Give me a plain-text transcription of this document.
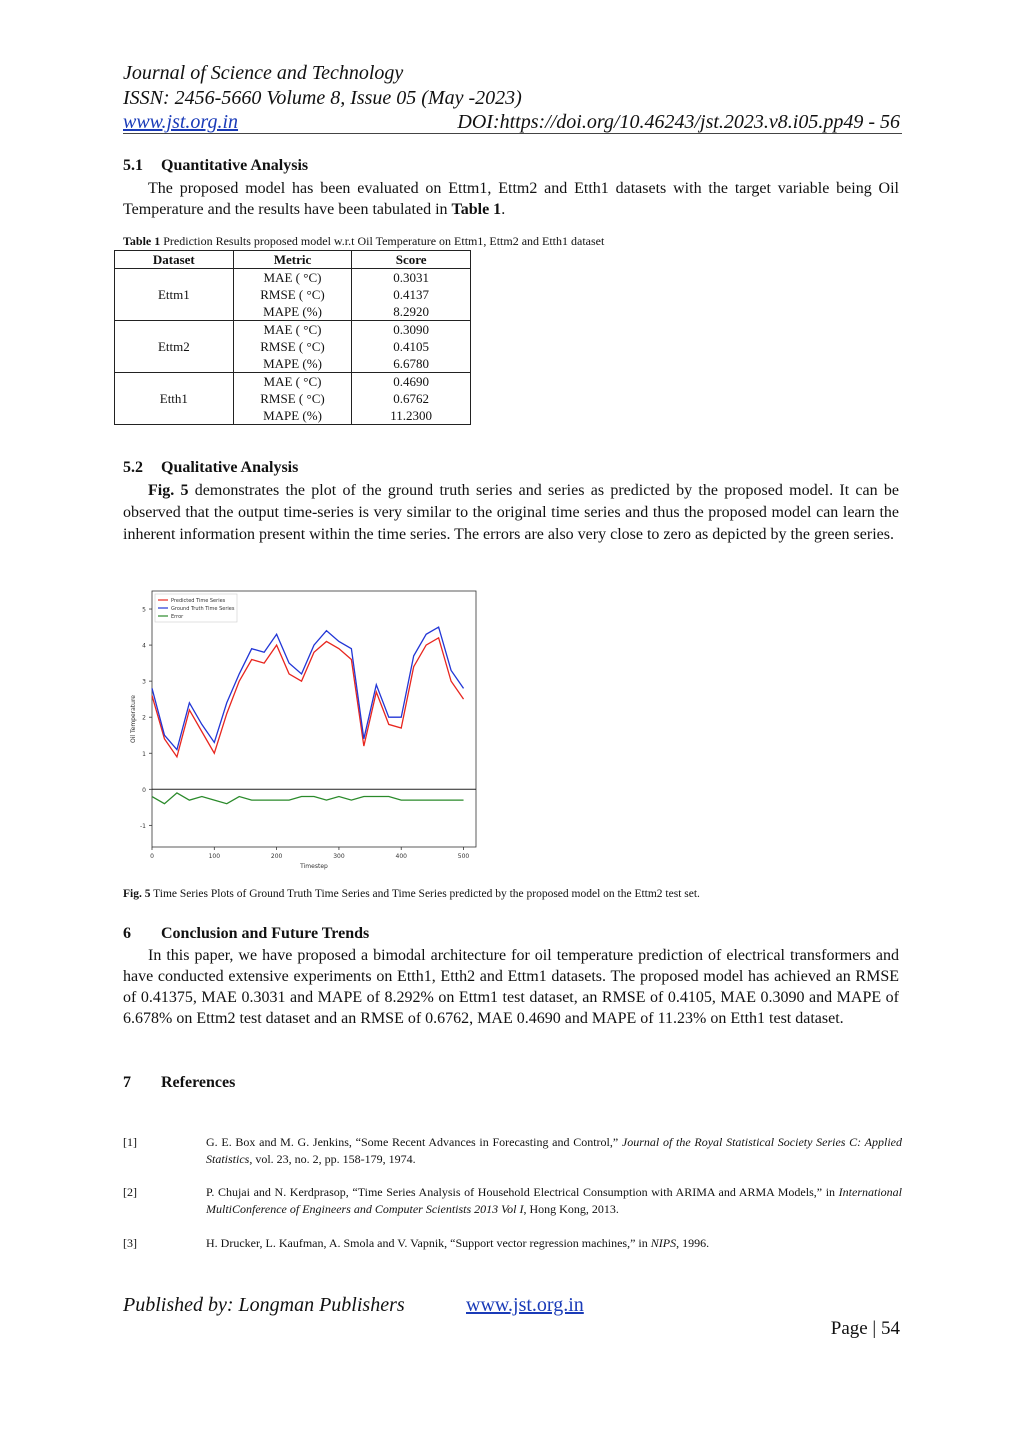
Journal of Science and Technology
ISSN: 2456-5660 Volume 8, Issue 05 (May -2023)
www.jst.org.in	DOI:https://doi.org/10.46243/jst.2023.v8.i05.pp49 - 56
5.1 Quantitative Analysis

The proposed model has been evaluated on Ettm1, Ettm2 and Etth1 datasets with the target variable being Oil Temperature and the results have been tabulated in Table 1.

Table 1 Prediction Results proposed model w.r.t Oil Temperature on Ettm1, Ettm2 and Etth1 dataset
Dataset	Metric	Score
Ettm1	MAE ( °C)	0.3031
	RMSE ( °C)	0.4137
	MAPE (%)	8.2920
Ettm2	MAE ( °C)	0.3090
	RMSE ( °C)	0.4105
	MAPE (%)	6.6780
Etth1	MAE ( °C)	0.4690
	RMSE ( °C)	0.6762
	MAPE (%)	11.2300
5.2 Qualitative Analysis

Fig. 5 demonstrates the plot of the ground truth series and series as predicted by the proposed model. It can be observed that the output time-series is very similar to the original time series and thus the proposed model can learn the inherent information present within the time series. The errors are also very close to zero as depicted by the green series.

-1
0
1
2
3
4
5
0	100	200	300	400	500
Timestep
Oil Temperature
Predicted Time Series
Ground Truth Time Series
Error
Fig. 5 Time Series Plots of Ground Truth Time Series and Time Series predicted by the proposed model on the Ettm2 test set.
6 Conclusion and Future Trends

In this paper, we have proposed a bimodal architecture for oil temperature prediction of electrical transformers and have conducted extensive experiments on Etth1, Etth2 and Ettm1 datasets. The proposed model has achieved an RMSE of 0.41375, MAE 0.3031 and MAPE of 8.292% on Ettm1 test dataset, an RMSE of 0.4105, MAE 0.3090 and MAPE of 6.678% on Ettm2 test dataset and an RMSE of 0.6762, MAE 0.4690 and MAPE of 11.23% on Etth1 test dataset.

7 References
[1]	G. E. Box and M. G. Jenkins, “Some Recent Advances in Forecasting and Control,” Journal of the Royal Statistical Society Series C: Applied Statistics, vol. 23, no. 2, pp. 158-179, 1974.
[2]	P. Chujai and N. Kerdprasop, “Time Series Analysis of Household Electrical Consumption with ARIMA and ARMA Models,” in International MultiConference of Engineers and Computer Scientists 2013 Vol I, Hong Kong, 2013.
[3]	H. Drucker, L. Kaufman, A. Smola and V. Vapnik, “Support vector regression machines,” in NIPS, 1996.
Published by: Longman Publishers	www.jst.org.in
Page | 54
